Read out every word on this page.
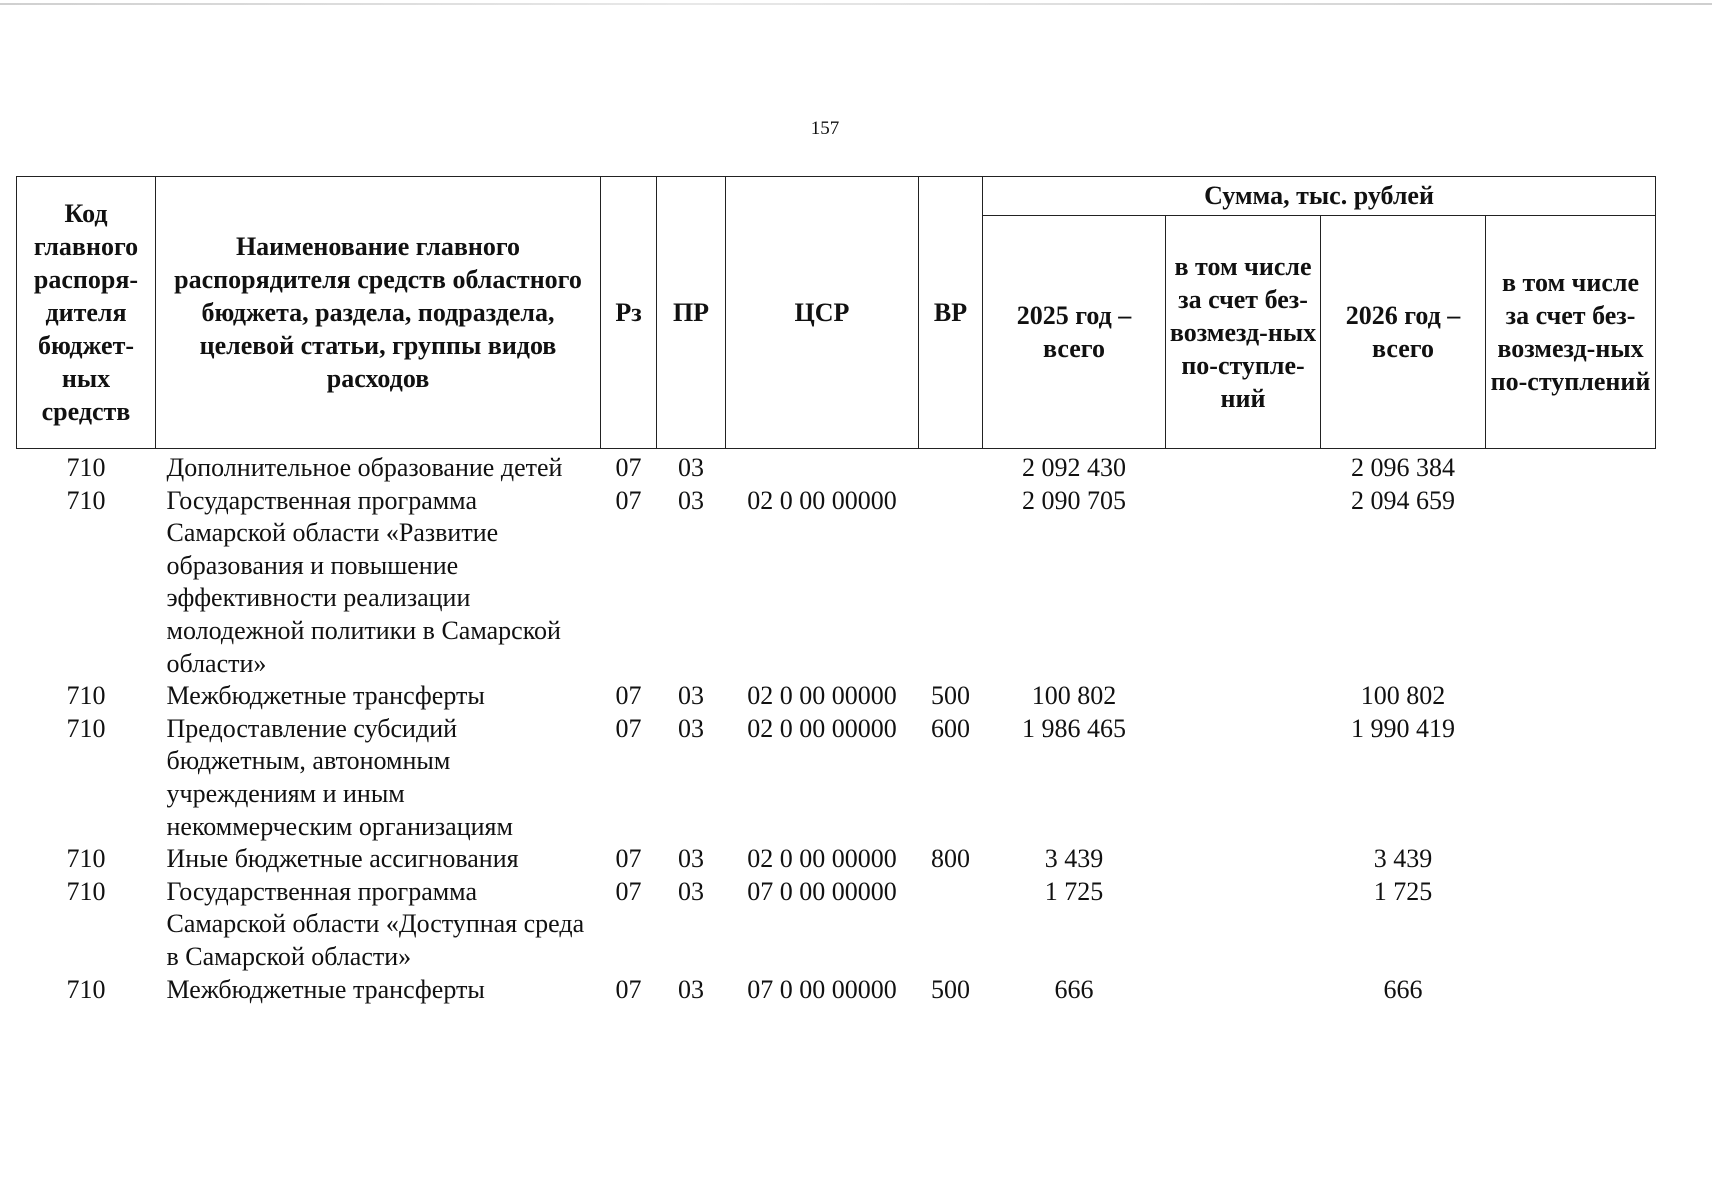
157
Код главного распоря-дителя бюджет-ных средств	Наименование главного распорядителя средств областного бюджета, раздела, подраздела, целевой статьи, группы видов расходов	Рз	ПР	ЦСР	ВР	Сумма, тыс. рублей			
						2025 год – всего	в том числе за счет без-возмезд-ных по-ступле-ний	2026 год – всего	в том числе за счет без-возмезд-ных по-ступлений
710	Дополнительное образование детей	07	03			2 092 430		2 096 384	
710	Государственная программа Самарской области «Развитие образования и повышение эффективности реализации молодежной политики в Самарской области»	07	03	02 0 00 00000		2 090 705		2 094 659	
710	Межбюджетные трансферты	07	03	02 0 00 00000	500	100 802		100 802	
710	Предоставление субсидий бюджетным, автономным учреждениям и иным некоммерческим организациям	07	03	02 0 00 00000	600	1 986 465		1 990 419	
710	Иные бюджетные ассигнования	07	03	02 0 00 00000	800	3 439		3 439	
710	Государственная программа Самарской области «Доступная среда в Самарской области»	07	03	07 0 00 00000		1 725		1 725	
710	Межбюджетные трансферты	07	03	07 0 00 00000	500	666		666	
